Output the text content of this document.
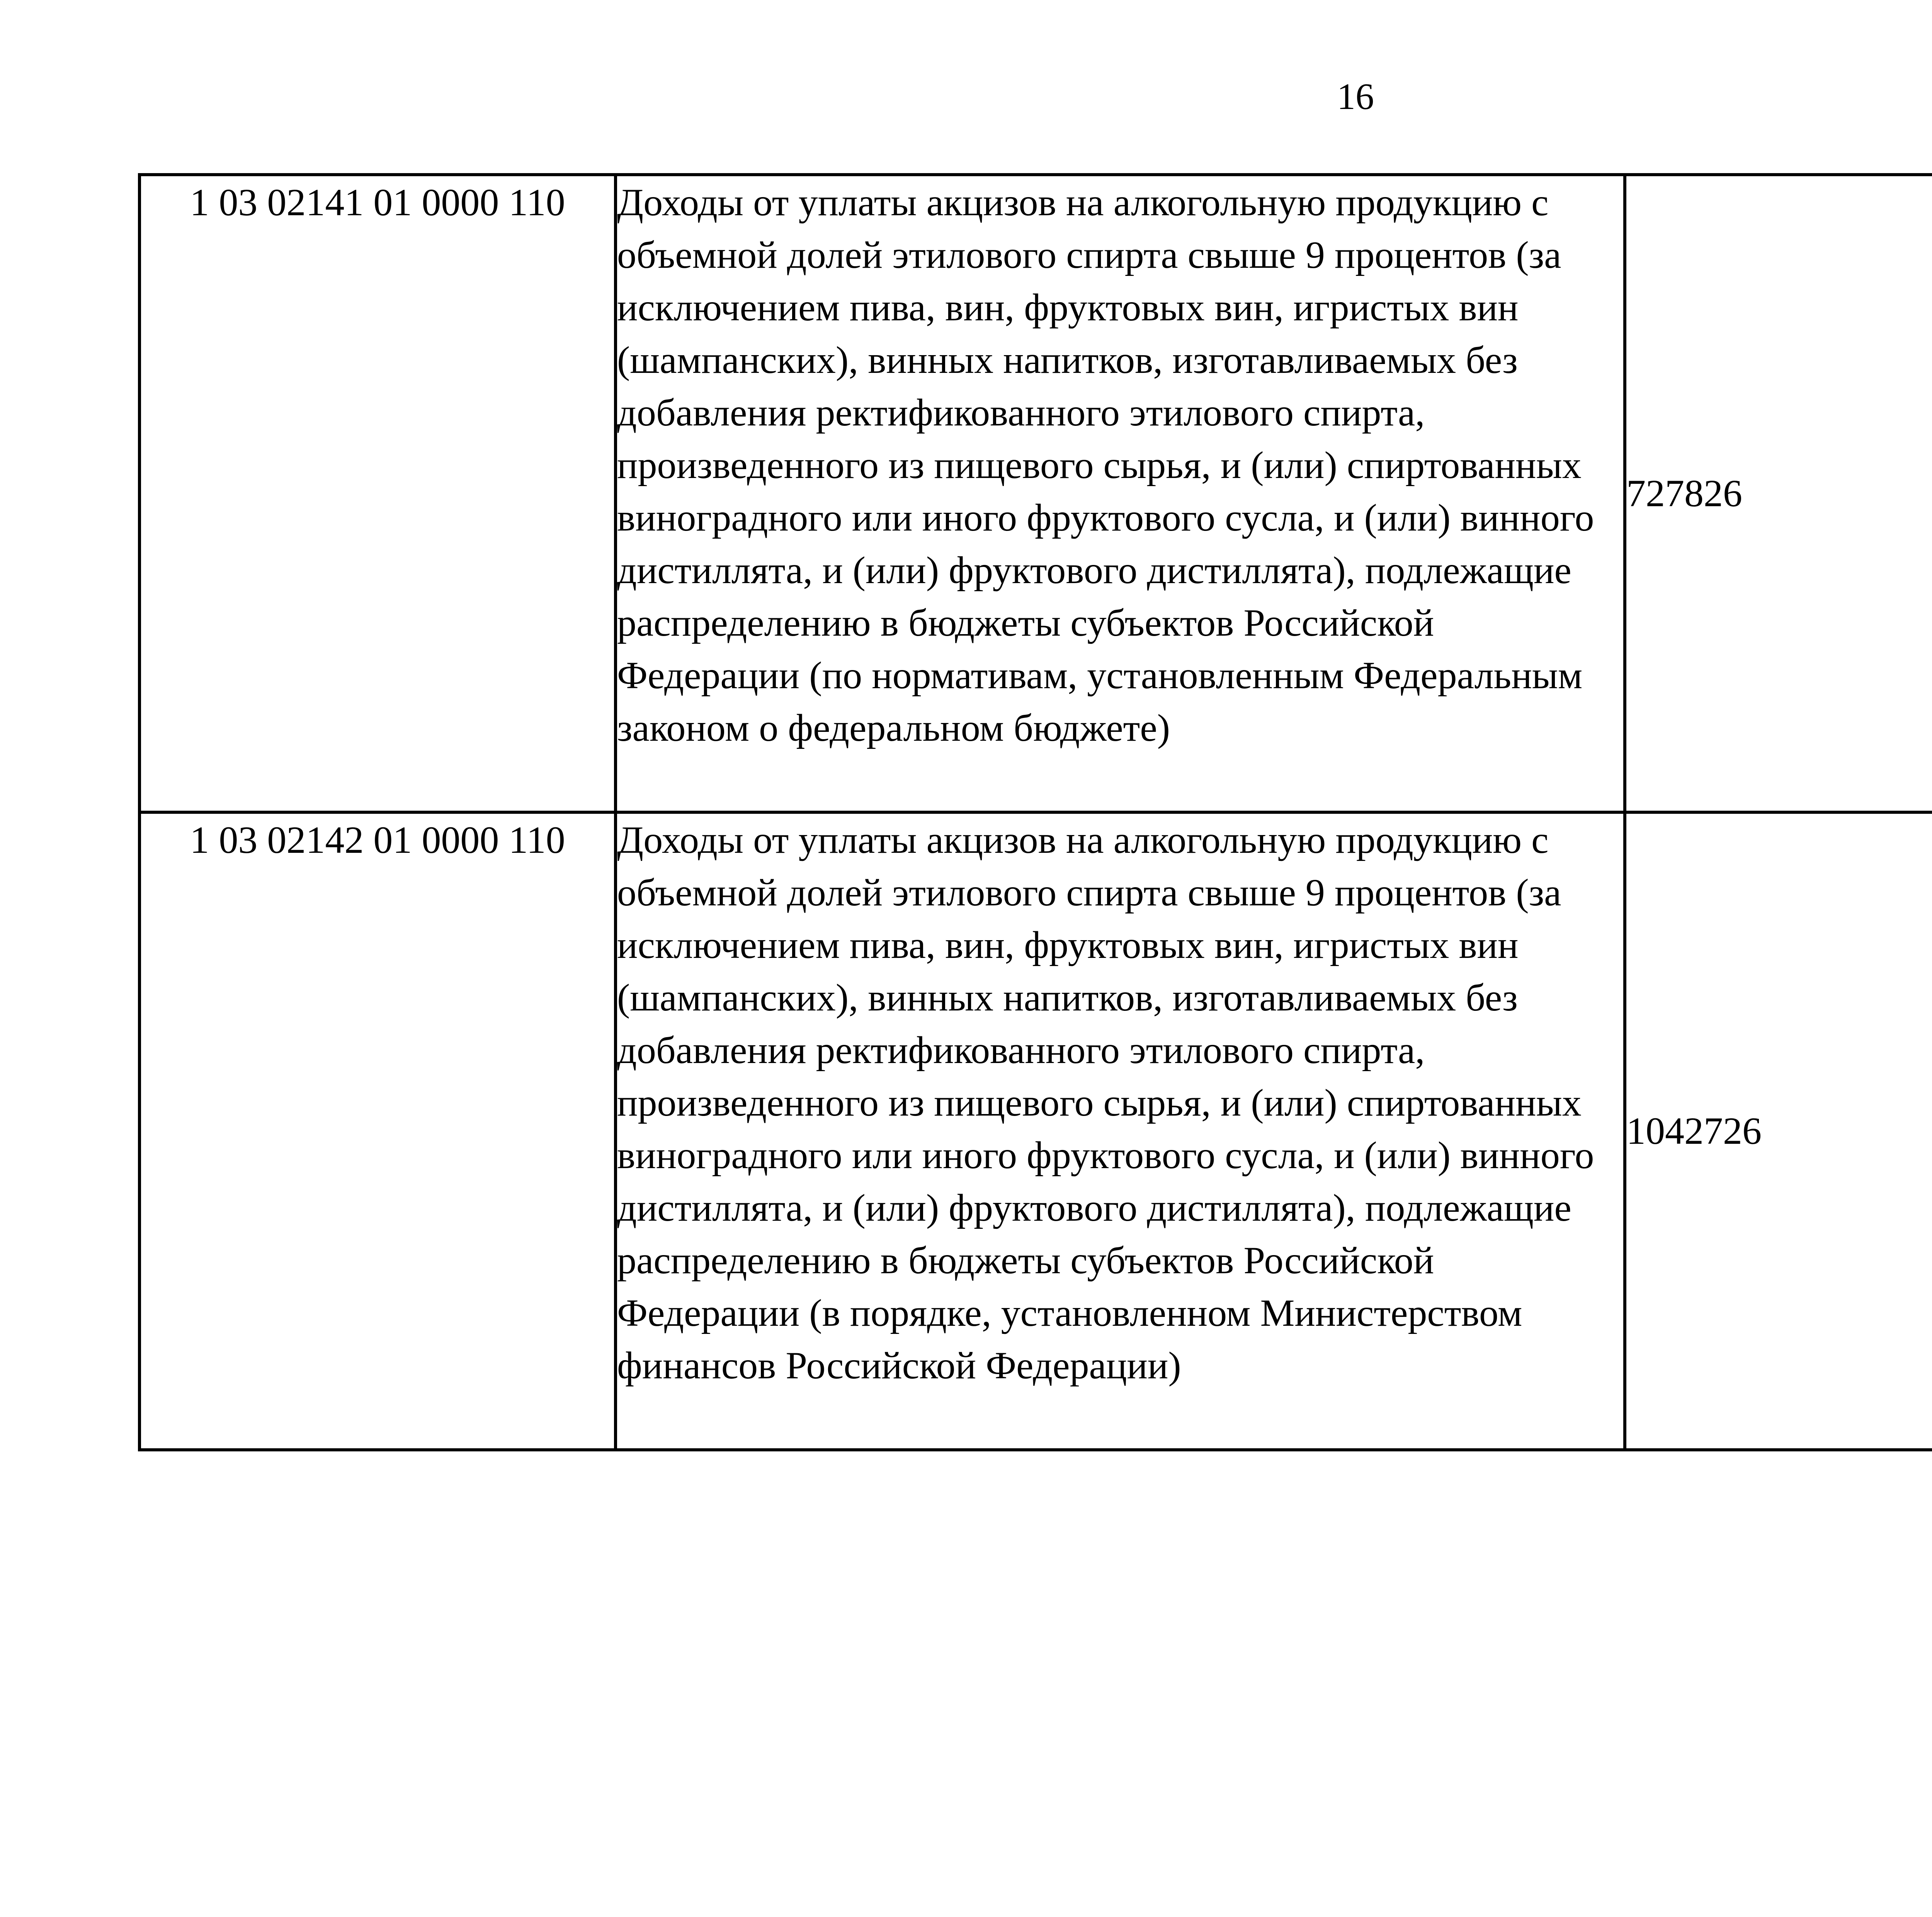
16
1 03 02141 01 0000 110	Доходы от уплаты акцизов на алкогольную продукцию с объемной долей этилового спирта свыше 9 процентов (за исключением пива, вин, фруктовых вин, игристых вин (шампанских), винных напитков, изготавливаемых без добавления ректификованного этилового спирта, произведенного из пищевого сырья, и (или) спиртованных виноградного или иного фруктового сусла, и (или) винного дистиллята, и (или) фруктового дистиллята), подлежащие распределению в бюджеты субъектов Российской Федерации (по нормативам, установленным Федеральным законом о федеральном бюджете)	727826		
1 03 02142 01 0000 110	Доходы от уплаты акцизов на алкогольную продукцию с объемной долей этилового спирта свыше 9 процентов (за исключением пива, вин, фруктовых вин, игристых вин (шампанских), винных напитков, изготавливаемых без добавления ректификованного этилового спирта, произведенного из пищевого сырья, и (или) спиртованных виноградного или иного фруктового сусла, и (или) винного дистиллята, и (или) фруктового дистиллята), подлежащие распределению в бюджеты субъектов Российской Федерации (в порядке, установленном Министерством финансов Российской Федерации)	1042726		
